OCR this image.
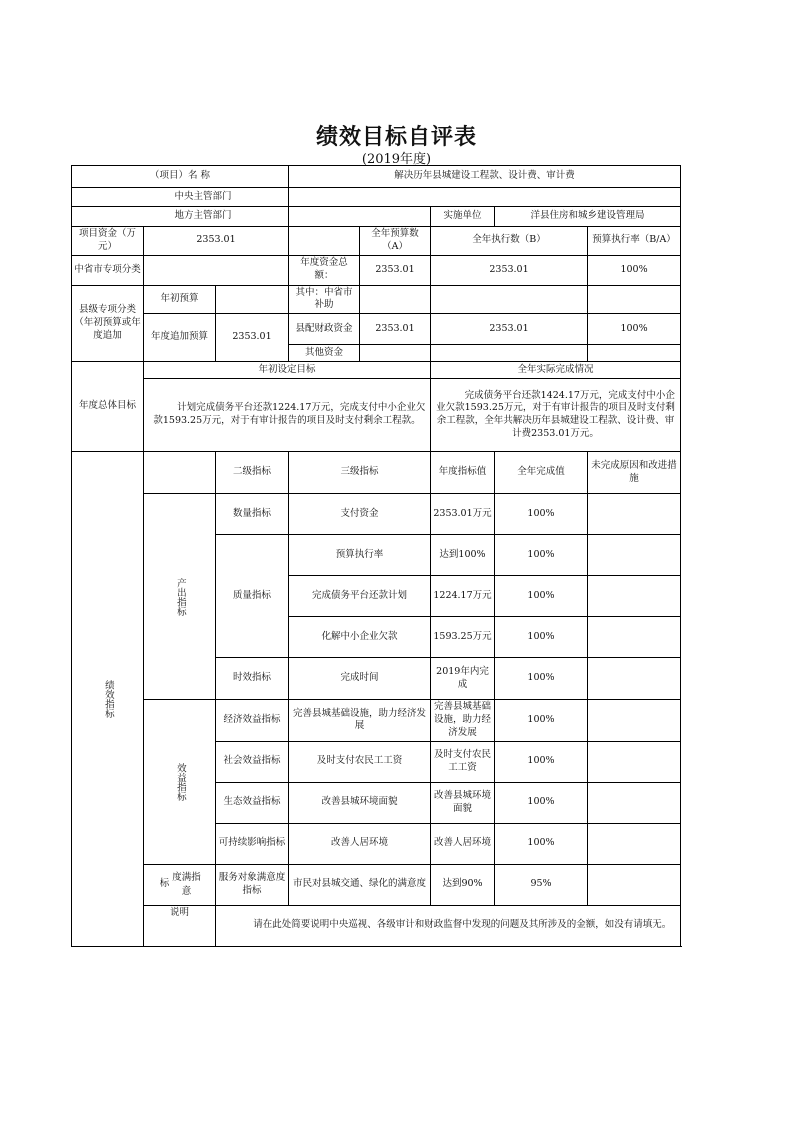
绩效目标自评表
(2019年度)
（项目）名 称			解决历年县城建设工程款、设计费、审计费				
中央主管部门							
地方主管部门					实施单位	洋县住房和城乡建设管理局	
项目资金（万元）	2353.01			全年预算数（A）	全年执行数（B）		预算执行率（B/A）
中省市专项分类			年度资金总额：	2353.01	2353.01		100%
县级专项分类（年初预算或年度追加	年初预算		其中：中省市补助				
	年度追加预算	2353.01	县配财政资金	2353.01	2353.01		100%
			其他资金				
年度总体目标	年初设定目标				全年实际完成情况		
	计划完成债务平台还款1224.17万元，完成支付中小企业欠款1593.25万元，对于有审计报告的项目及时支付剩余工程款。				完成债务平台还款1424.17万元，完成支付中小企业欠款1593.25万元，对于有审计报告的项目及时支付剩余工程款，全年共解决历年县城建设工程款、设计费、审计费2353.01万元。		
绩效指标		二级指标	三级指标		年度指标值	全年完成值	未完成原因和改进措施
	产出指标	数量指标	支付资金		2353.01万元	100%	
		质量指标	预算执行率		达到100%	100%	
			完成债务平台还款计划		1224.17万元	100%	
			化解中小企业欠款		1593.25万元	100%	
		时效指标	完成时间		2019年内完成	100%	
	效益指标	经济效益指标	完善县城基础设施，助力经济发展		完善县城基础设施，助力经济发展	100%	
		社会效益指标	及时支付农民工工资		及时支付农民工工资	100%	
		生态效益指标	改善县城环境面貌		改善县城环境面貌	100%	
		可持续影响指标	改善人居环境		改善人居环境	100%	
	标度满指意	服务对象满意度指标	市民对县城交通、绿化的满意度		达到90%	95%	
	说明	请在此处简要说明中央巡视、各级审计和财政监督中发现的问题及其所涉及的金额，如没有请填无。					
